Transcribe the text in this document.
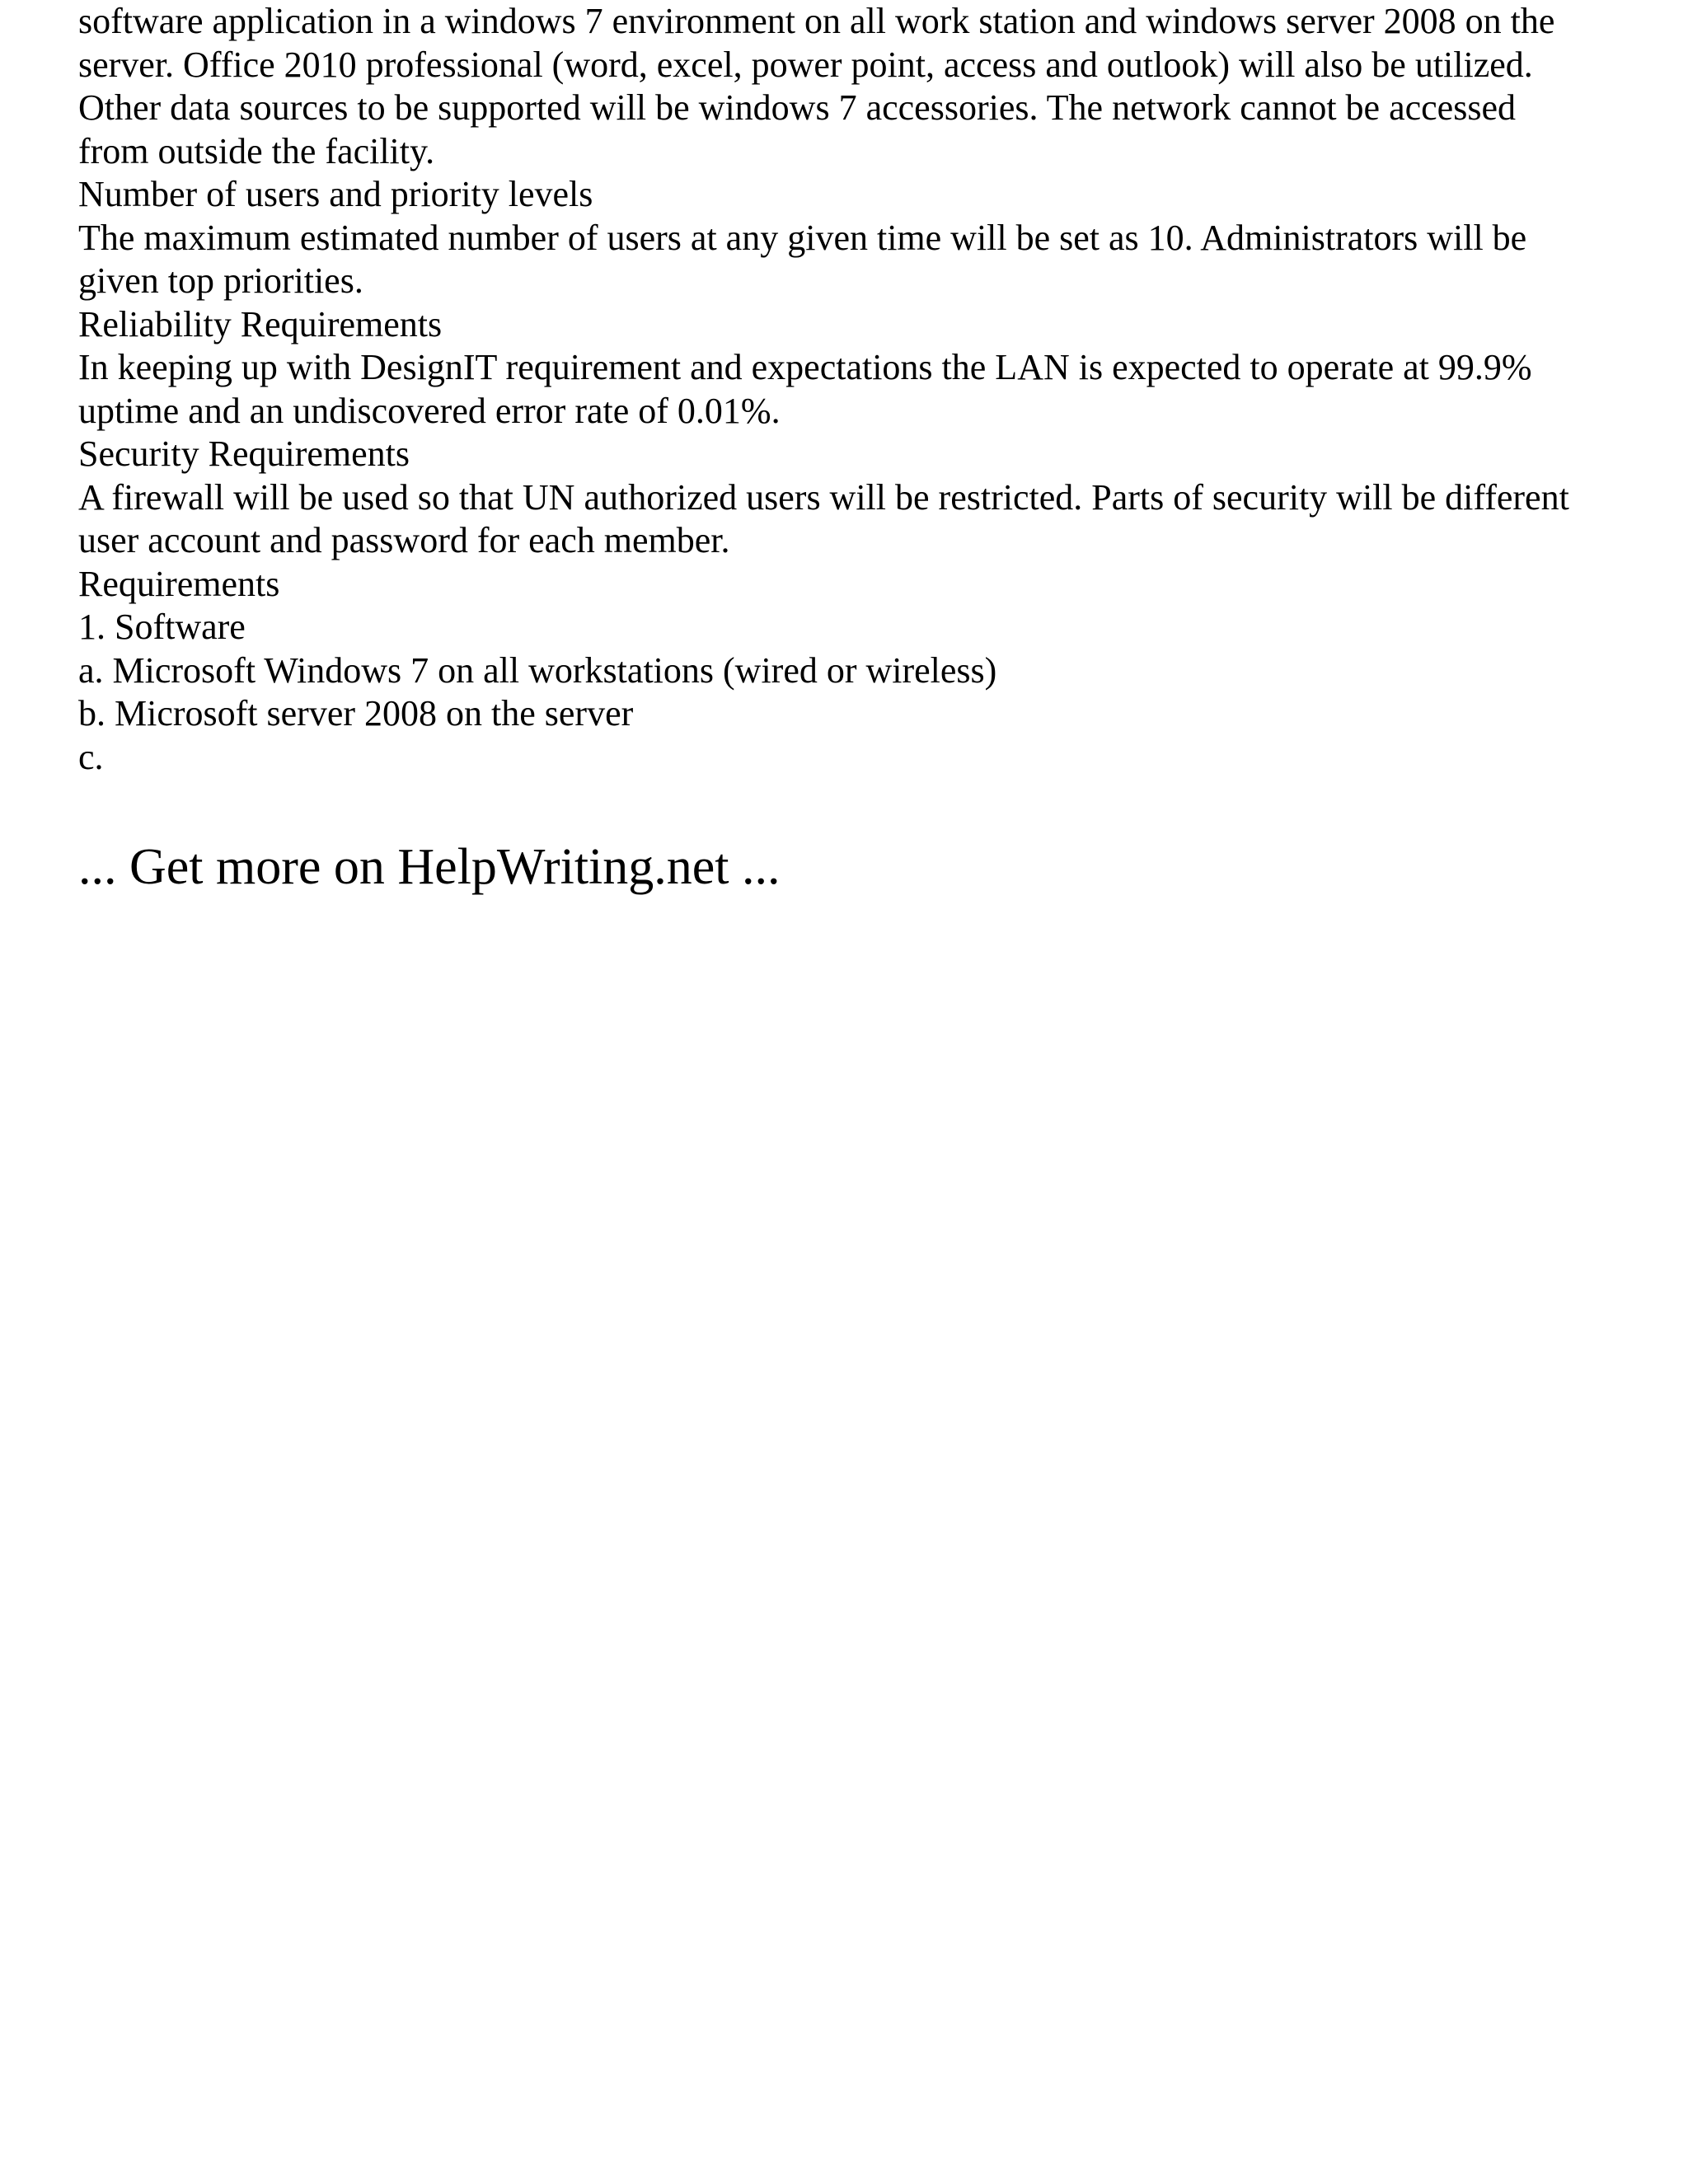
software application in a windows 7 environment on all work station and windows server 2008 on the
server. Office 2010 professional (word, excel, power point, access and outlook) will also be utilized.
Other data sources to be supported will be windows 7 accessories. The network cannot be accessed
from outside the facility.
Number of users and priority levels
The maximum estimated number of users at any given time will be set as 10. Administrators will be
given top priorities.
Reliability Requirements
In keeping up with DesignIT requirement and expectations the LAN is expected to operate at 99.9%
uptime and an undiscovered error rate of 0.01%.
Security Requirements
A firewall will be used so that UN authorized users will be restricted. Parts of security will be different
user account and password for each member.
Requirements
1. Software
a. Microsoft Windows 7 on all workstations (wired or wireless)
b. Microsoft server 2008 on the server
c.
... Get more on HelpWriting.net ...
